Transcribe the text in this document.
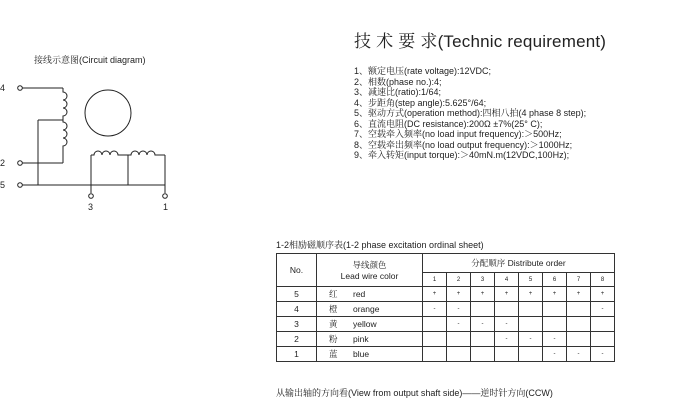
接线示意图(Circuit diagram)
4
2
5
3	1
技 术 要 求(Technic requirement)
1、额定电压(rate voltage):12VDC;
2、相数(phase no.):4;
3、减速比(ratio):1/64;
4、步距角(step angle):5.625°/64;
5、驱动方式(operation method):四相八拍(4 phase 8 step);
6、直流电阻(DC resistance):200Ω ±7%(25° C);
7、空载牵入频率(no load input frequency):＞500Hz;
8、空载牵出频率(no load output frequency):＞1000Hz;
9、牵入转矩(input torque):＞40mN.m(12VDC,100Hz);
1-2相励磁顺序表(1-2 phase excitation ordinal sheet)
No.	导线颜色
Lead wire color	分配顺序 Distribute order							
		1	2	3	4	5	6	7	8
5	红 red	+	+	+	+	+	+	+	+
4	橙 orange	-	-						-
3	黄 yellow		-	-	-				
2	粉 pink				-	-	-		
1	蓝 blue						-	-	-
从输出轴的方向看(View from output shaft side)——逆时针方向(CCW)
